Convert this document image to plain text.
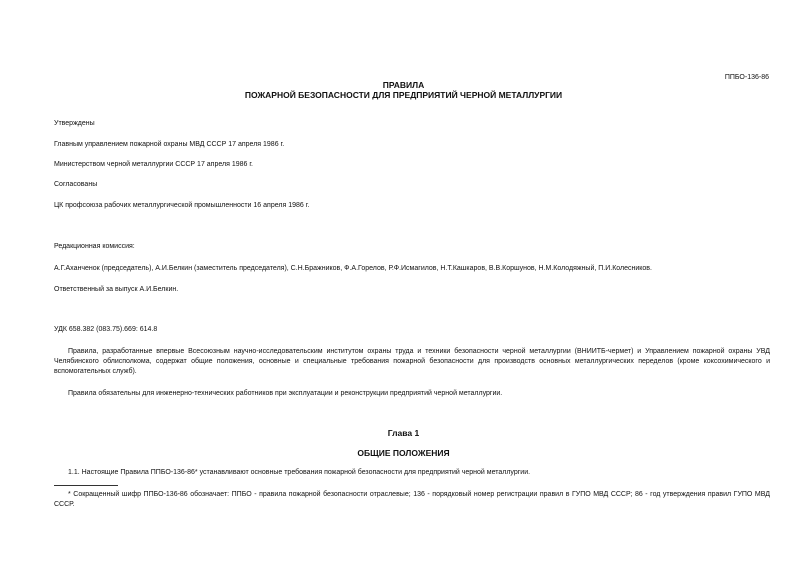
ППБО-136-86
ПРАВИЛА
ПОЖАРНОЙ БЕЗОПАСНОСТИ ДЛЯ ПРЕДПРИЯТИЙ ЧЕРНОЙ МЕТАЛЛУРГИИ
Утверждены
Главным управлением пожарной охраны МВД СССР 17 апреля 1986 г.
Министерством черной металлургии СССР 17 апреля 1986 г.
Согласованы
ЦК профсоюза рабочих металлургической промышленности 16 апреля 1986 г.
Редакционная комиссия:
А.Г.Аханченок (председатель), А.И.Белкин (заместитель председателя), С.Н.Бражников, Ф.А.Горелов, Р.Ф.Исмагилов, Н.Т.Кашкаров, В.В.Коршунов, Н.М.Колодяжный, П.И.Колесников.
Ответственный за выпуск А.И.Белкин.
УДК 658.382 (083.75).669: 614.8
Правила, разработанные впервые Всесоюзным научно-исследовательским институтом охраны труда и техники безопасности черной металлургии (ВНИИТБ-чермет) и Управлением пожарной охраны УВД Челябинского облисполкома, содержат общие положения, основные и специальные требования пожарной безопасности для производств основных металлургических переделов (кроме коксохимического и вспомогательных служб).
Правила обязательны для инженерно-технических работников при эксплуатации и реконструкции предприятий черной металлургии.
Глава 1
ОБЩИЕ ПОЛОЖЕНИЯ
1.1. Настоящие Правила ППБО-136-86* устанавливают основные требования пожарной безопасности для предприятий черной металлургии.
* Сокращенный шифр ППБО-136-86 обозначает: ППБО - правила пожарной безопасности отраслевые; 136 - порядковый номер регистрации правил в ГУПО МВД СССР; 86 - год утверждения правил ГУПО МВД СССР.
